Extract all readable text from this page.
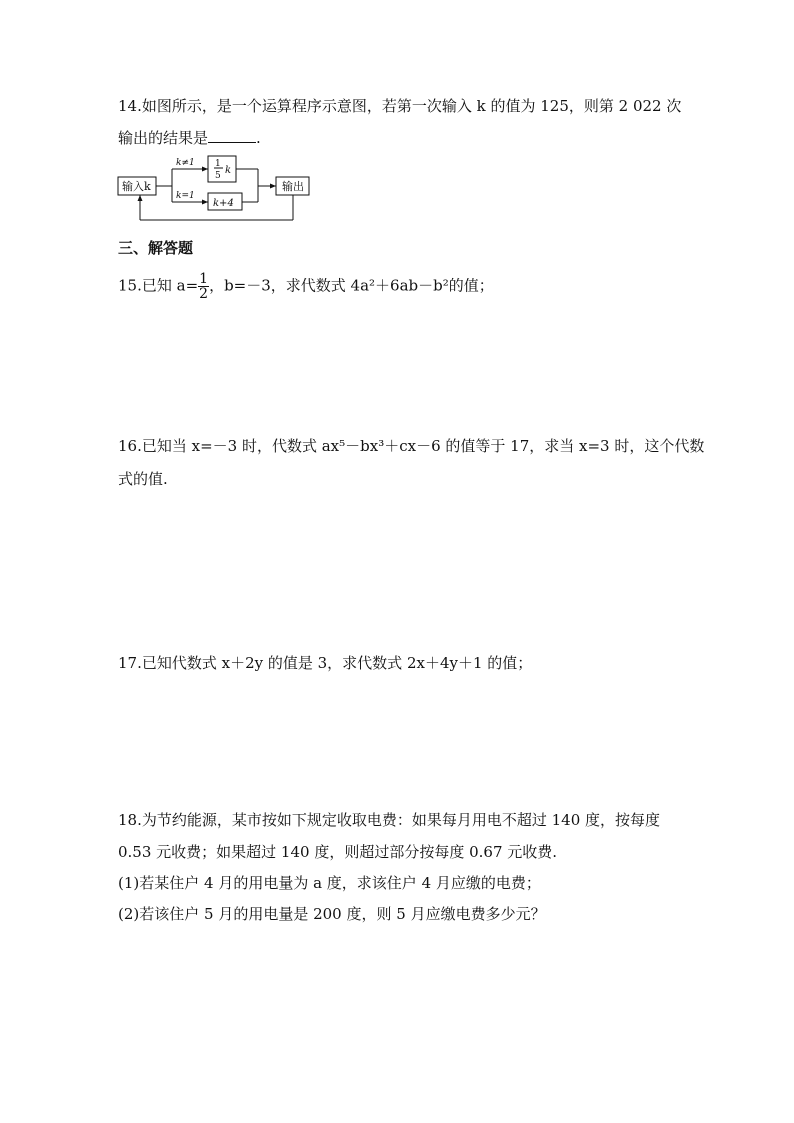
14.如图所示，是一个运算程序示意图，若第一次输入 k 的值为 125，则第 2 022 次
输出的结果是	.
输入k	输出
k≠1
k=1
1
5 k
k+4
三、解答题
15.已知 $a= \frac{1}{2}$ ，b=－3，求代数式 4a²＋6ab－b²的值；
16.已知当 x=－3 时，代数式 ax⁵－bx³＋cx－6 的值等于 17，求当 x=3 时，这个代数
式的值.
17.已知代数式 x＋2y 的值是 3，求代数式 2x＋4y＋1 的值；
18.为节约能源，某市按如下规定收取电费：如果每月用电不超过 140 度，按每度
0.53 元收费；如果超过 140 度，则超过部分按每度 0.67 元收费.
(1)若某住户 4 月的用电量为 a 度，求该住户 4 月应缴的电费；
(2)若该住户 5 月的用电量是 200 度，则 5 月应缴电费多少元？
